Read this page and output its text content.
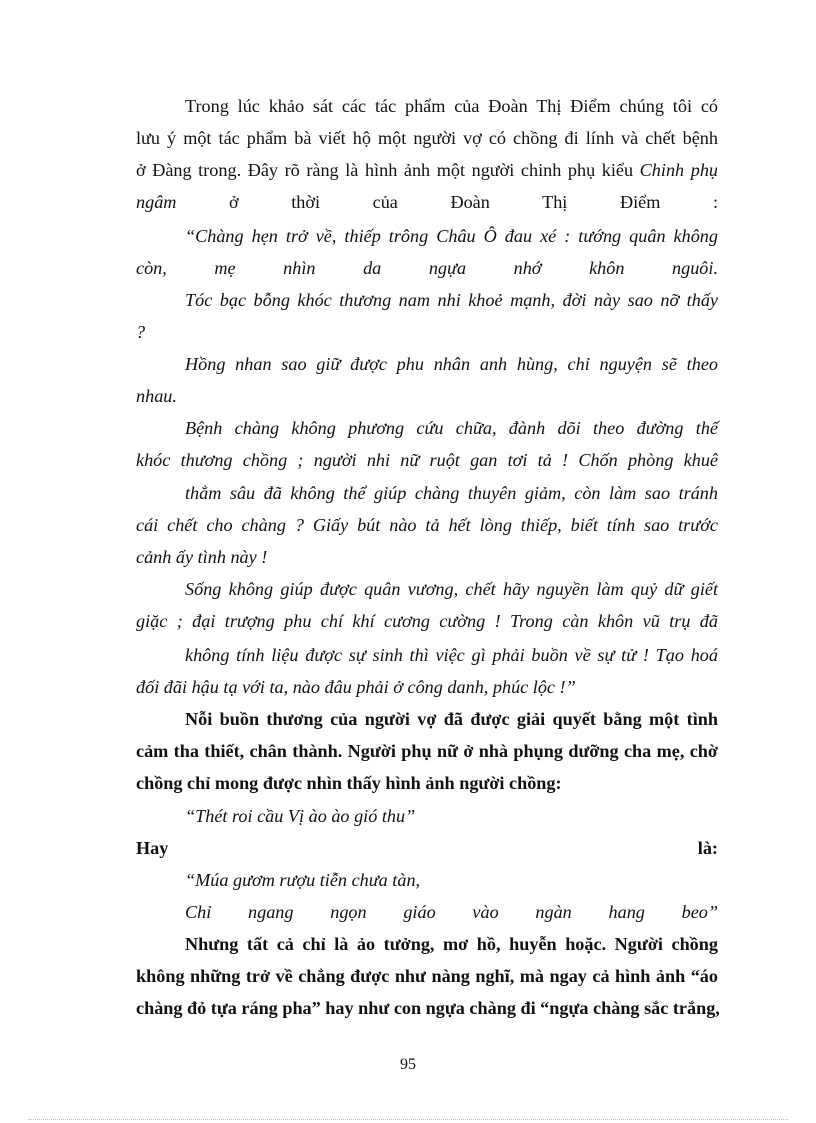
Trong lúc khảo sát các tác phẩm của Đoàn Thị Điểm chúng tôi có
lưu ý một tác phẩm bà viết hộ một người vợ có chồng đi lính và chết bệnh
ở Đàng trong. Đây rõ ràng là hình ảnh một người chinh phụ kiểu Chinh phụ
ngâm	ở thời của Đoàn Thị Điểm :
“Chàng hẹn trở về, thiếp trông Châu Ô đau xé : tướng quân không
còn, mẹ nhìn da ngựa nhớ khôn nguôi.
Tóc bạc bỗng khóc thương nam nhi khoẻ mạnh, đời này sao nỡ thấy
?
Hồng nhan sao giữ được phu nhân anh hùng, chỉ nguyện sẽ theo
nhau.
Bệnh chàng không phương cứu chữa, đành dõi theo đường thế
khóc thương chồng ; người nhi nữ ruột gan tơi tả ! Chốn phòng khuê
thẳm sâu đã không thể giúp chàng thuyên giảm, còn làm sao tránh
cái chết cho chàng ? Giấy bút nào tả hết lòng thiếp, biết tính sao trước
cảnh ấy tình này !
Sống không giúp được quân vương, chết hãy nguyền làm quỷ dữ giết
giặc ; đại trượng phu chí khí cương cường ! Trong càn khôn vũ trụ đã
không tính liệu được sự sinh thì việc gì phải buồn về sự tử ! Tạo hoá
đối đãi hậu tạ với ta, nào đâu phải ở công danh, phúc lộc !”
Nỗi buồn thương của người vợ đã được giải quyết bằng một tình
cảm tha thiết, chân thành. Người phụ nữ ở nhà phụng dưỡng cha mẹ, chờ
chồng chỉ mong được nhìn thấy hình ảnh người chồng:
“Thét roi cầu Vị ào ào gió thu”
Hay	là:
“Múa gươm rượu tiễn chưa tàn,
Chỉ ngang ngọn giáo vào ngàn hang beo”
Nhưng tất cả chỉ là ảo tưởng, mơ hồ, huyễn hoặc. Người chồng
không những trở về chẳng được như nàng nghĩ, mà ngay cả hình ảnh “áo
chàng đỏ tựa ráng pha” hay như con ngựa chàng đi “ngựa chàng sắc trắng,
95
